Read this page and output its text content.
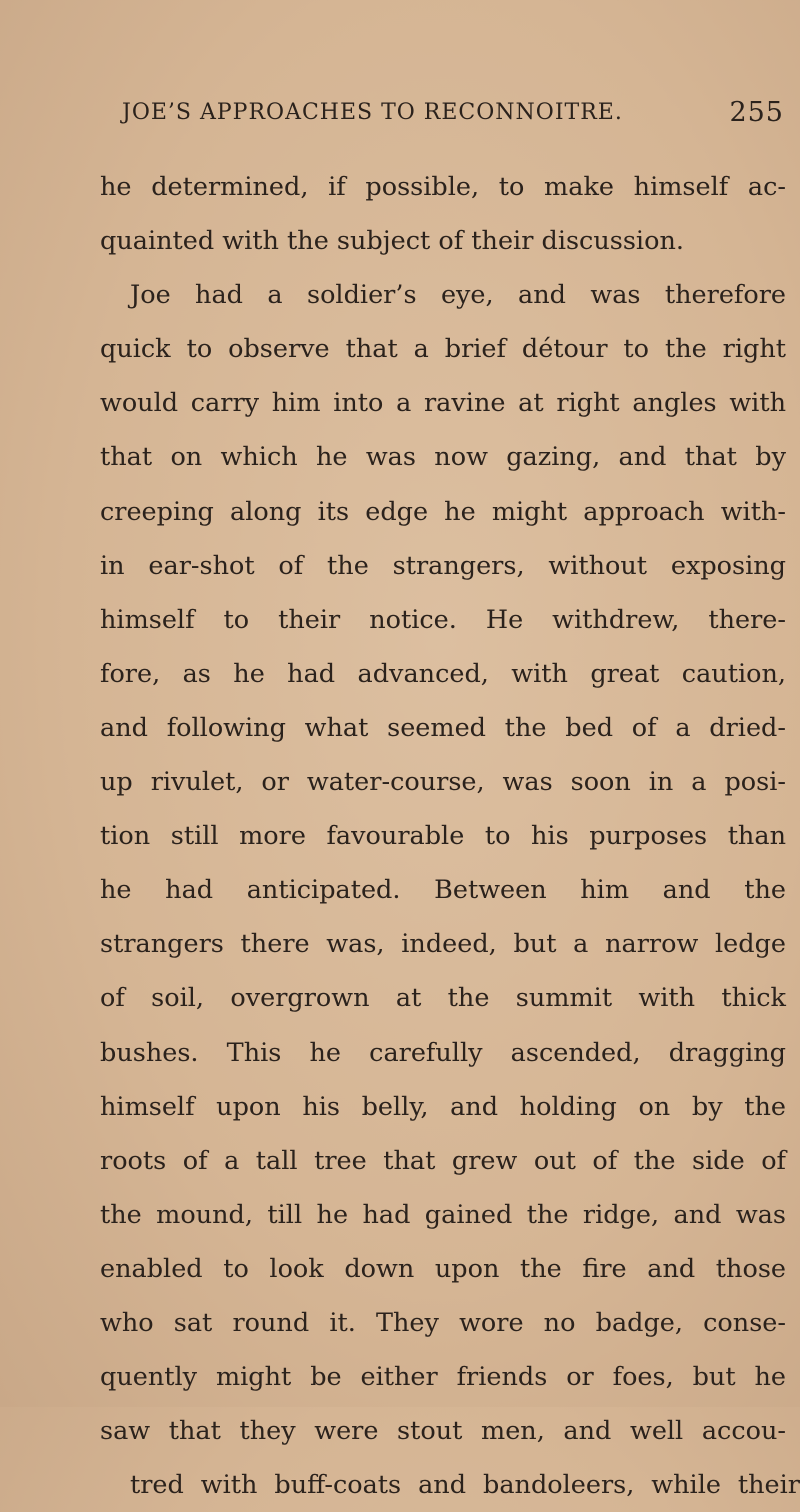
JOE’S APPROACHES TO RECONNOITRE.	255
he determined, if possible, to make himself ac-
quainted with the subject of their discussion.
Joe had a soldier’s eye, and was therefore
quick to observe that a brief détour to the right
would carry him into a ravine at right angles with
that on which he was now gazing, and that by
creeping along its edge he might approach with-
in ear-shot of the strangers, without exposing
himself to their notice. He withdrew, there-
fore, as he had advanced, with great caution,
and following what seemed the bed of a dried-
up rivulet, or water-course, was soon in a posi-
tion still more favourable to his purposes than
he had anticipated. Between him and the
strangers there was, indeed, but a narrow ledge
of soil, overgrown at the summit with thick
bushes. This he carefully ascended, dragging
himself upon his belly, and holding on by the
roots of a tall tree that grew out of the side of
the mound, till he had gained the ridge, and was
enabled to look down upon the fire and those
who sat round it. They wore no badge, conse-
quently might be either friends or foes, but he
saw that they were stout men, and well accou-
tred with buff-coats and bandoleers, while their
